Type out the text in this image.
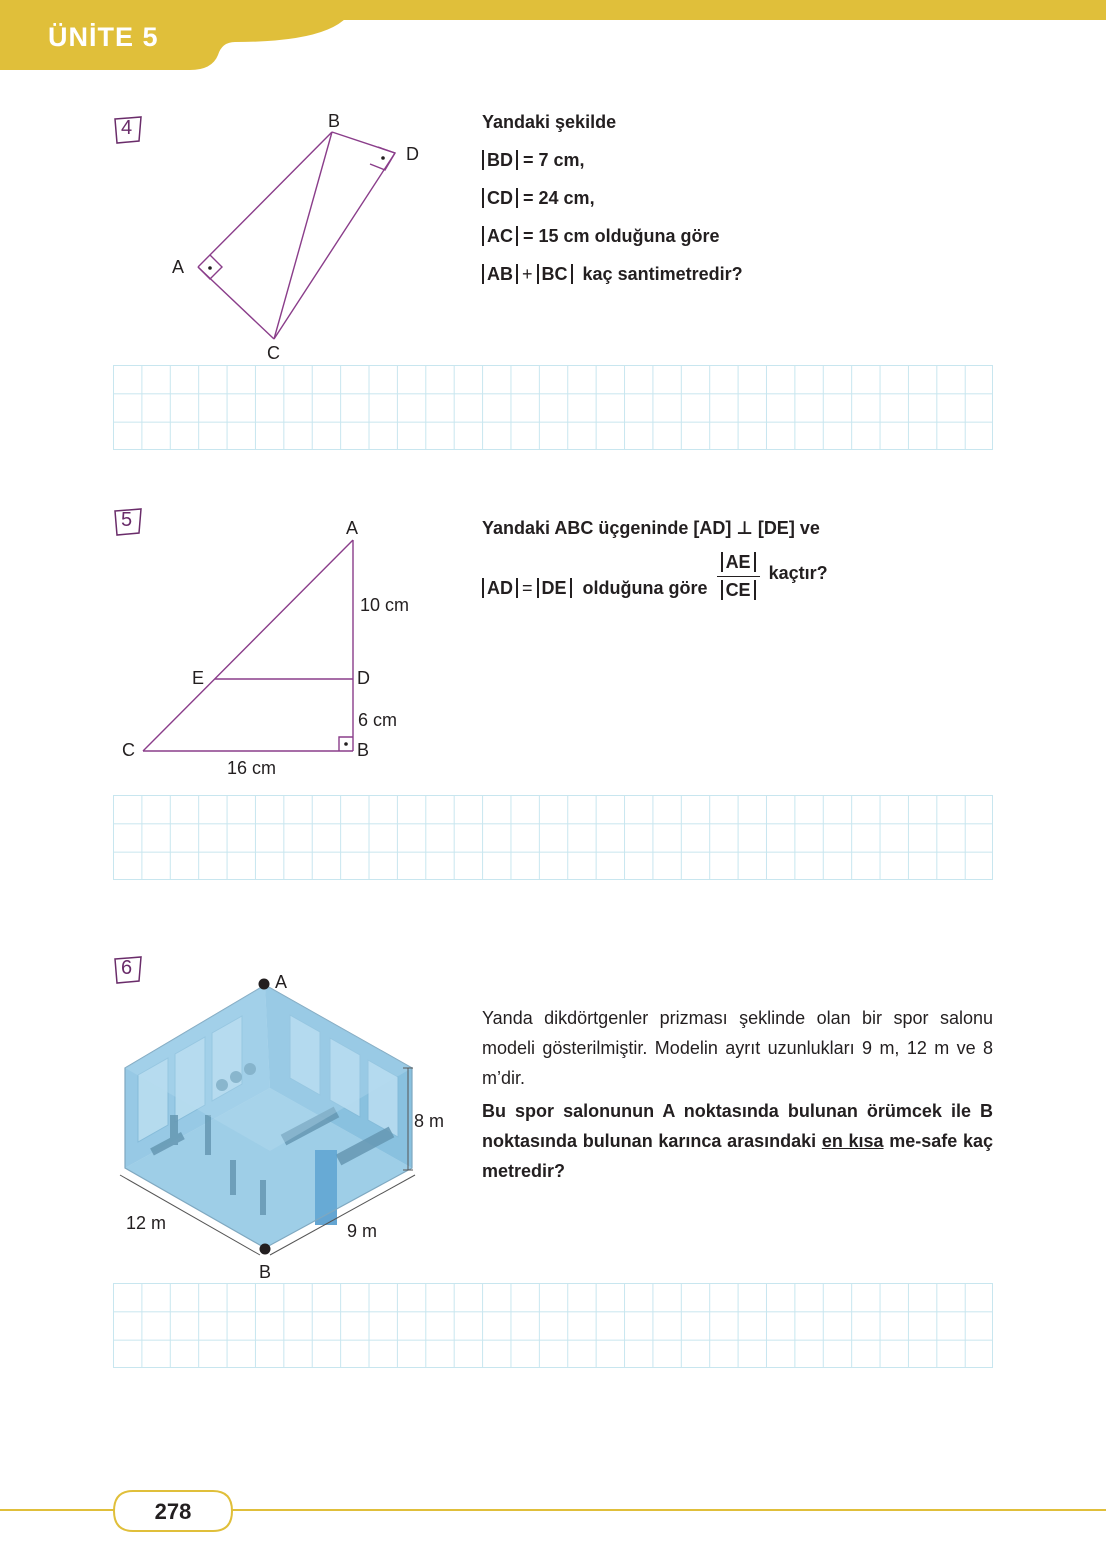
ÜNİTE 5
4	B
D
A
C
Yandaki şekilde
BD = 7 cm,
CD = 24 cm,
AC = 15 cm olduğuna göre
AB + BC kaç santimetredir?
5	A
10 cm
E	D
6 cm
C	B
16 cm
Yandaki ABC üçgeninde [AD] ⊥ [DE] ve
AD = DE olduğuna göre $\frac{AE}{CE}$ kaçtır?
6
A
B
8 m
12 m	9 m
Yanda dikdörtgenler prizması şeklinde olan bir spor salonu modeli gösterilmiştir. Modelin ayrıt uzunlukları 9 m, 12 m ve 8 m’dir.
Bu spor salonunun A noktasında bulunan örümcek ile B noktasında bulunan karınca arasındaki en kısa me-safe kaç metredir?
278
